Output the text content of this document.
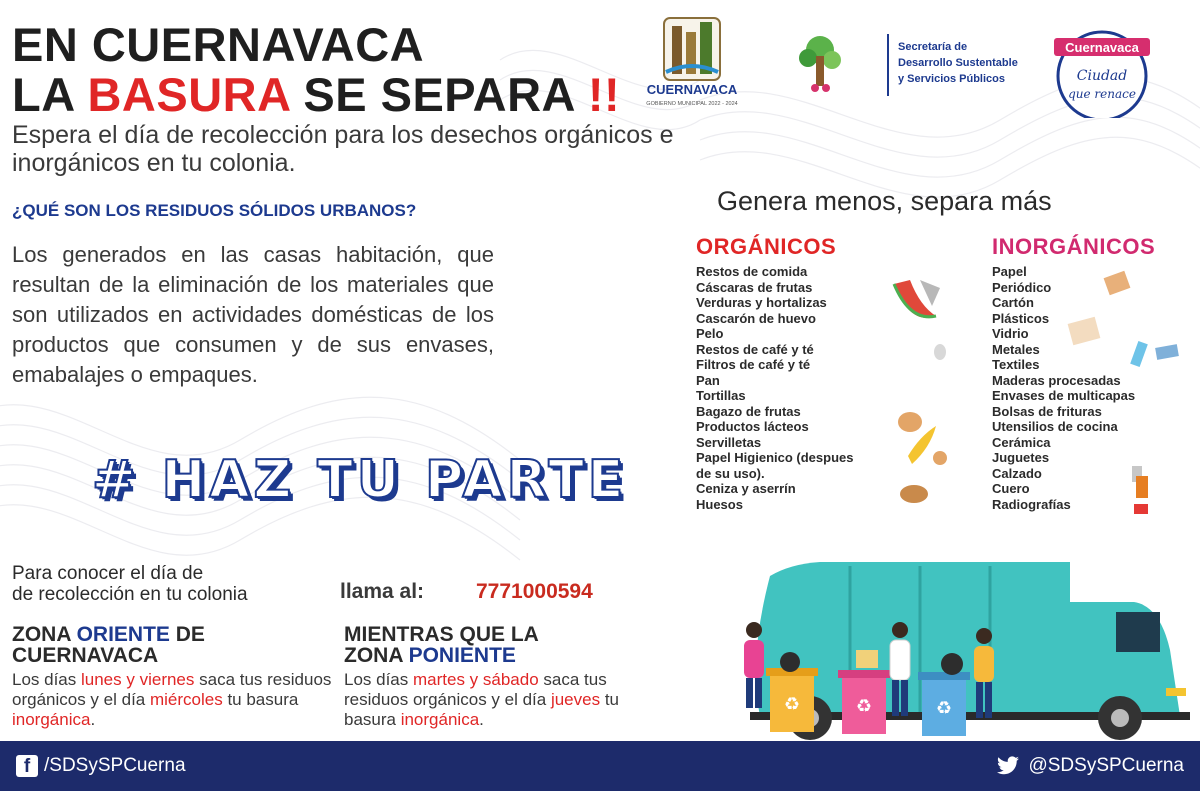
EN CUERNAVACA
LA BASURA SE SEPARA !!
Espera el día de recolección para los desechos orgánicos e inorgánicos en tu colonia.
CUERNAVACA
GOBIERNO MUNICIPAL 2022 - 2024
Secretaría de
Desarrollo Sustentable
y Servicios Públicos
Cuernavaca
Ciudad
que renace
¿QUÉ SON LOS RESIDUOS SÓLIDOS URBANOS?
Los generados en las casas habitación, que resultan de la eliminación de los materiales que son utilizados en actividades domésticas de los productos que consumen y de sus envases, emabalajes o empaques.
# HAZ TU PARTE
Para conocer el día de
de recolección en tu colonia	llama al: 7771000594
ZONA ORIENTE DE
CUERNAVACA
Los días lunes y viernes saca tus residuos orgánicos y el día miércoles tu basura inorgánica.
MIENTRAS QUE LA
ZONA PONIENTE
Los días martes y sábado saca tus residuos orgánicos y el día jueves tu basura inorgánica.
Genera menos, separa más
ORGÁNICOS
Restos de comida
Cáscaras de frutas
Verduras y hortalizas
Cascarón de huevo
Pelo
Restos de café y té
Filtros de café y té
Pan
Tortillas
Bagazo de frutas
Productos lácteos
Servilletas
Papel Higienico (despues
de su uso).
Ceniza y aserrín
Huesos
INORGÁNICOS
Papel
Periódico
Cartón
Plásticos
Vidrio
Metales
Textiles
Maderas procesadas
Envases de multicapas
Bolsas de frituras
Utensilios de cocina
Cerámica
Juguetes
Calzado
Cuero
Radiografías
♻	♻	♻
f /SDSySPCuerna	@SDSySPCuerna
